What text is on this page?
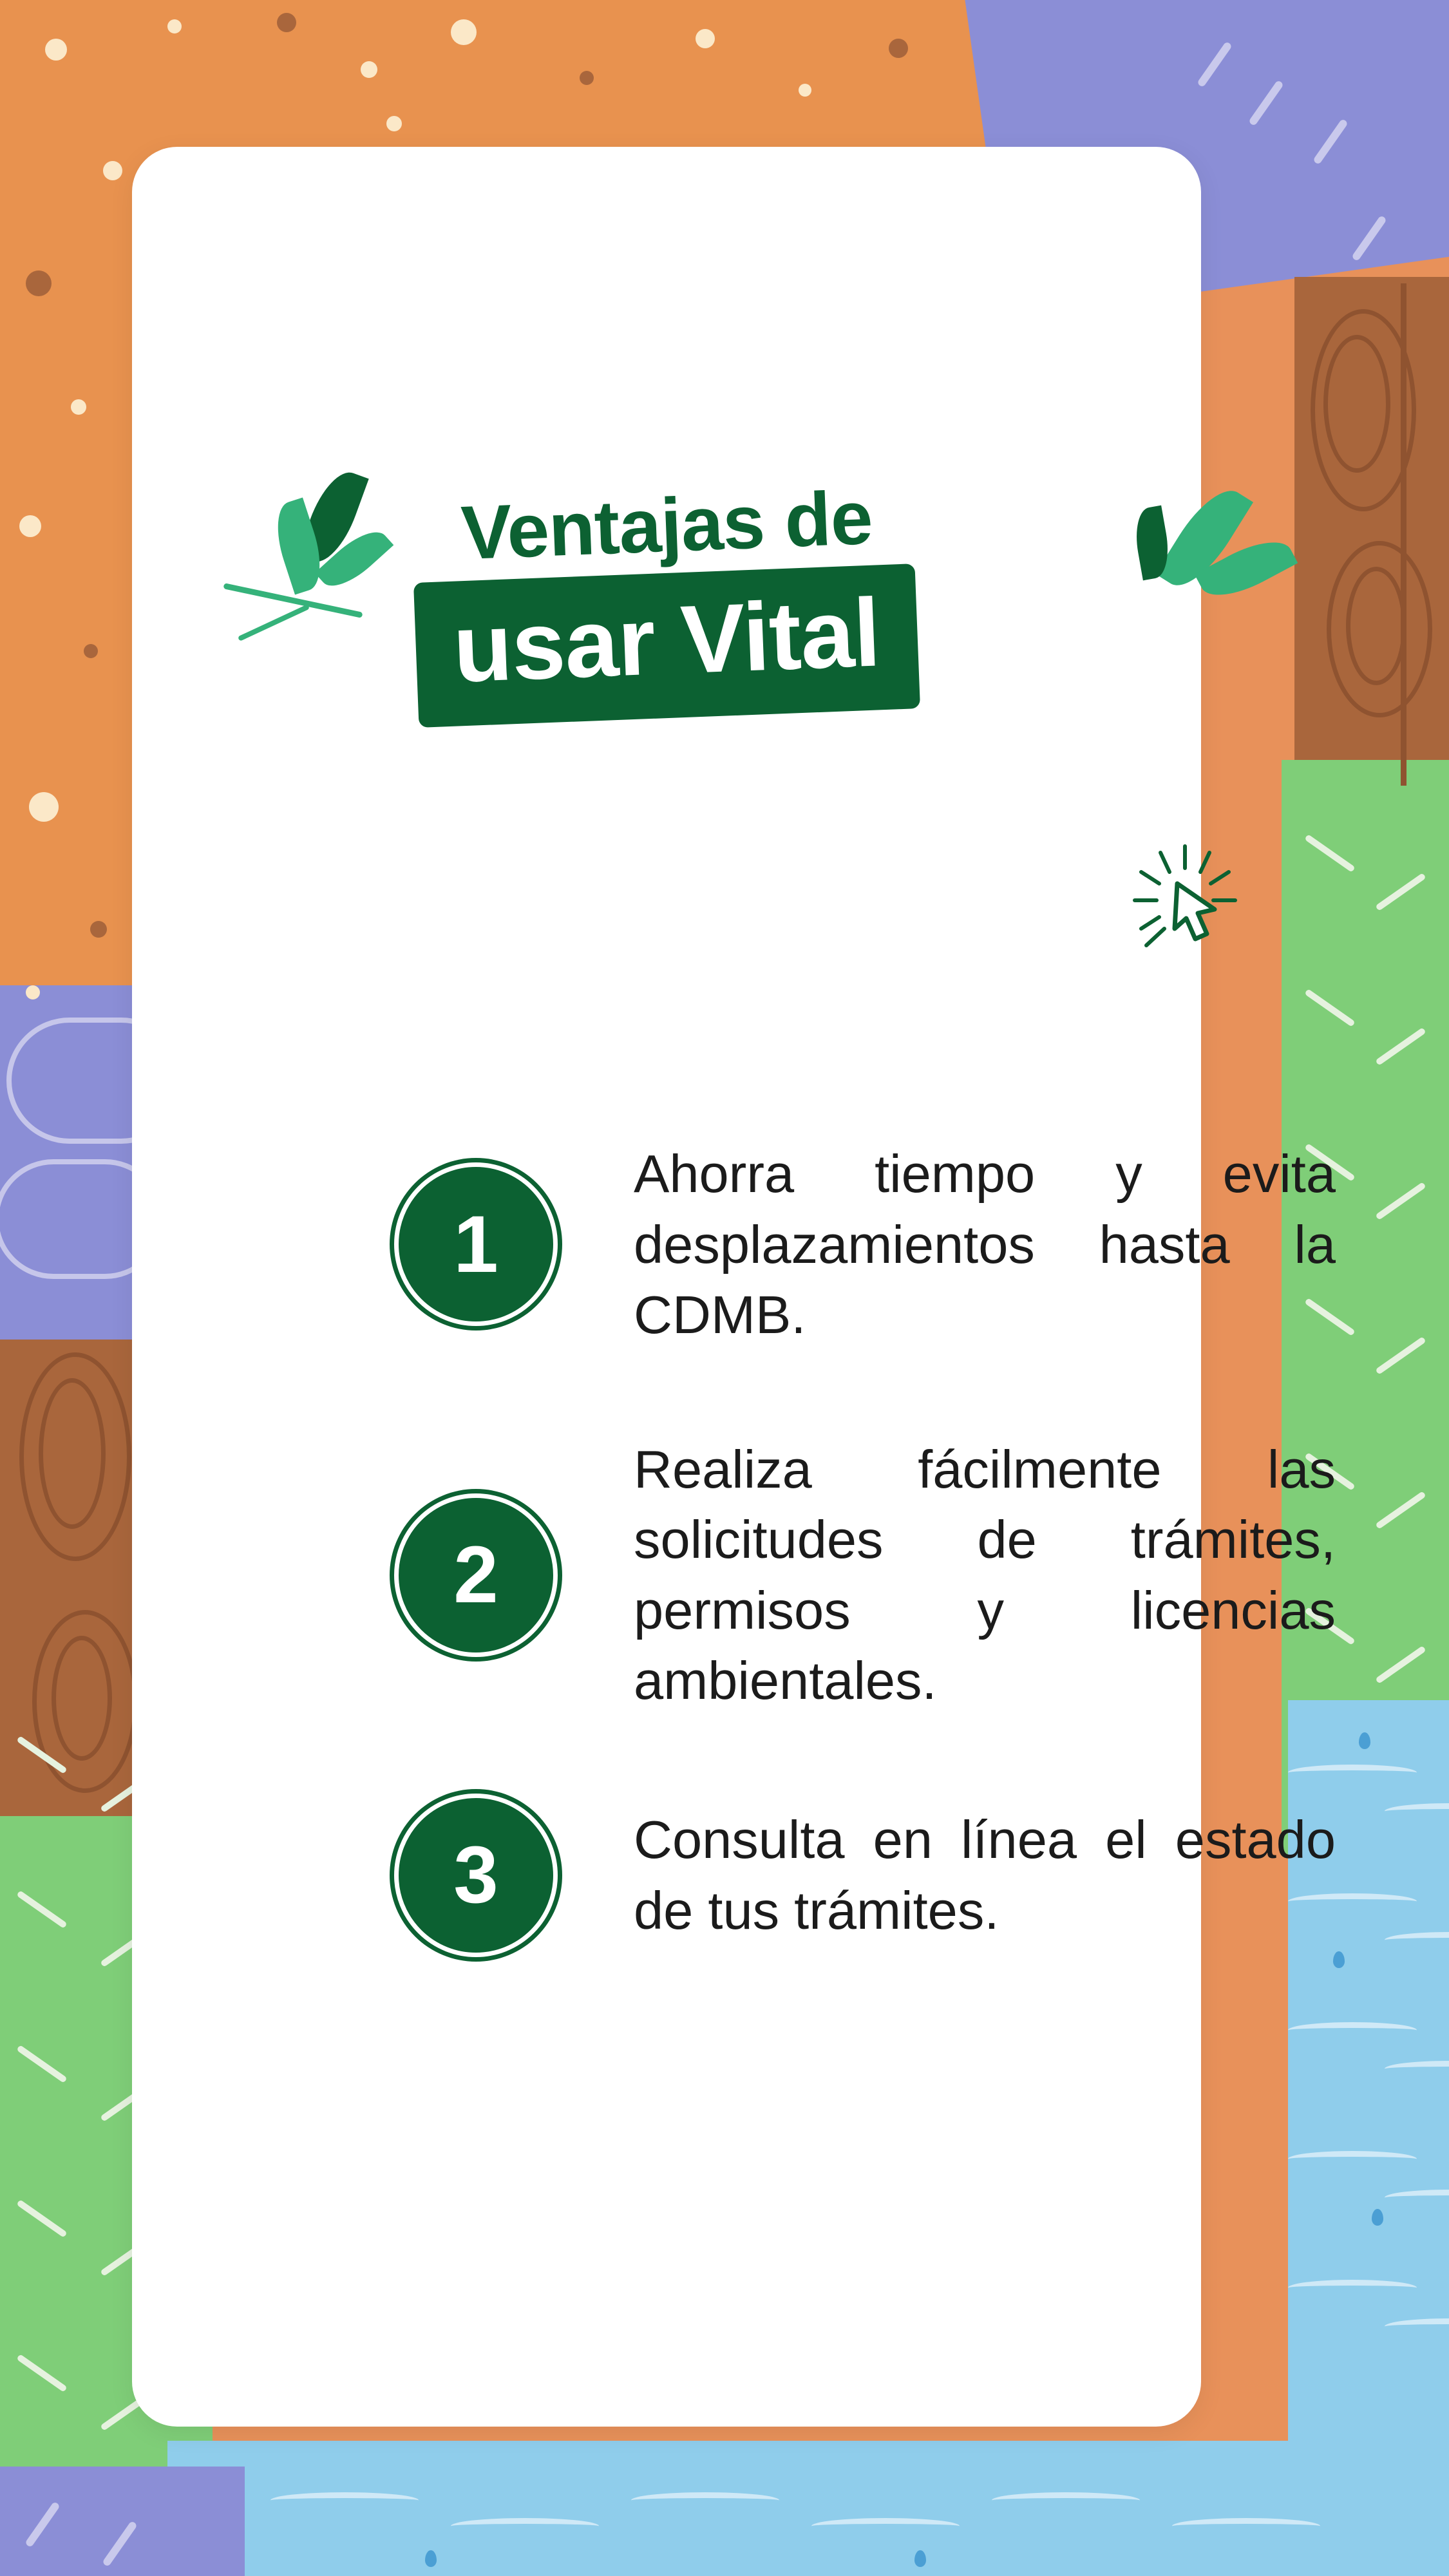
Ventajas de
usar Vital
1
Ahorra tiempo y evita desplazamientos hasta la CDMB.
2
Realiza fácilmente las solicitudes de trámites, permisos y licencias ambientales.
3	Consulta en línea el estado de tus trámites.
